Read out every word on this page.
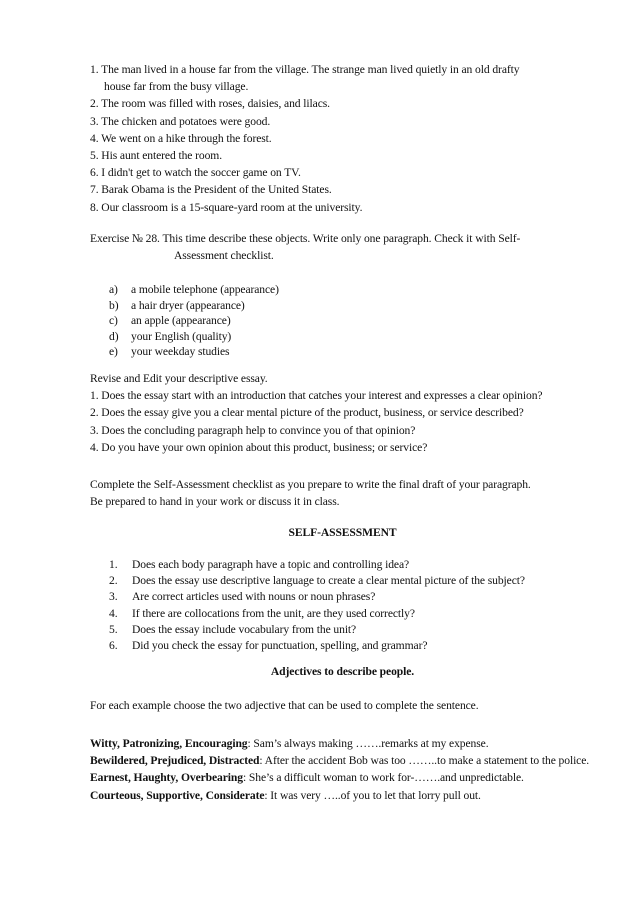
1. The man lived in a house far from the village. The strange man lived quietly in an old drafty
house far from the busy village.
2. The room was filled with roses, daisies, and lilacs.
3. The chicken and potatoes were good.
4. We went on a hike through the forest.
5. His aunt entered the room.
6. I didn't get to watch the soccer game on TV.
7. Barak Obama is the President of the United States.
8. Our classroom is a 15-square-yard room at the university.
Exercise № 28. This time describe these objects. Write only one paragraph. Check it with Self-
Assessment checklist.
a) a mobile telephone (appearance)
b) a hair dryer (appearance)
c) an apple (appearance)
d) your English (quality)
e) your weekday studies
Revise and Edit your descriptive essay.
1. Does the essay start with an introduction that catches your interest and expresses a clear opinion?
2. Does the essay give you a clear mental picture of the product, business, or service described?
3. Does the concluding paragraph help to convince you of that opinion?
4. Do you have your own opinion about this product, business; or service?
Complete the Self-Assessment checklist as you prepare to write the final draft of your paragraph.
Be prepared to hand in your work or discuss it in class.
SELF-ASSESSMENT
1. Does each body paragraph have a topic and controlling idea?
2. Does the essay use descriptive language to create a clear mental picture of the subject?
3. Are correct articles used with nouns or noun phrases?
4. If there are collocations from the unit, are they used correctly?
5. Does the essay include vocabulary from the unit?
6. Did you check the essay for punctuation, spelling, and grammar?
Adjectives to describe people.
For each example choose the two adjective that can be used to complete the sentence.
Witty, Patronizing, Encouraging: Sam’s always making …….remarks at my expense.
Bewildered, Prejudiced, Distracted: After the accident Bob was too ……..to make a statement to the police.
Earnest, Haughty, Overbearing: She’s a difficult woman to work for-…….and unpredictable.
Courteous, Supportive, Considerate: It was very …..of you to let that lorry pull out.
